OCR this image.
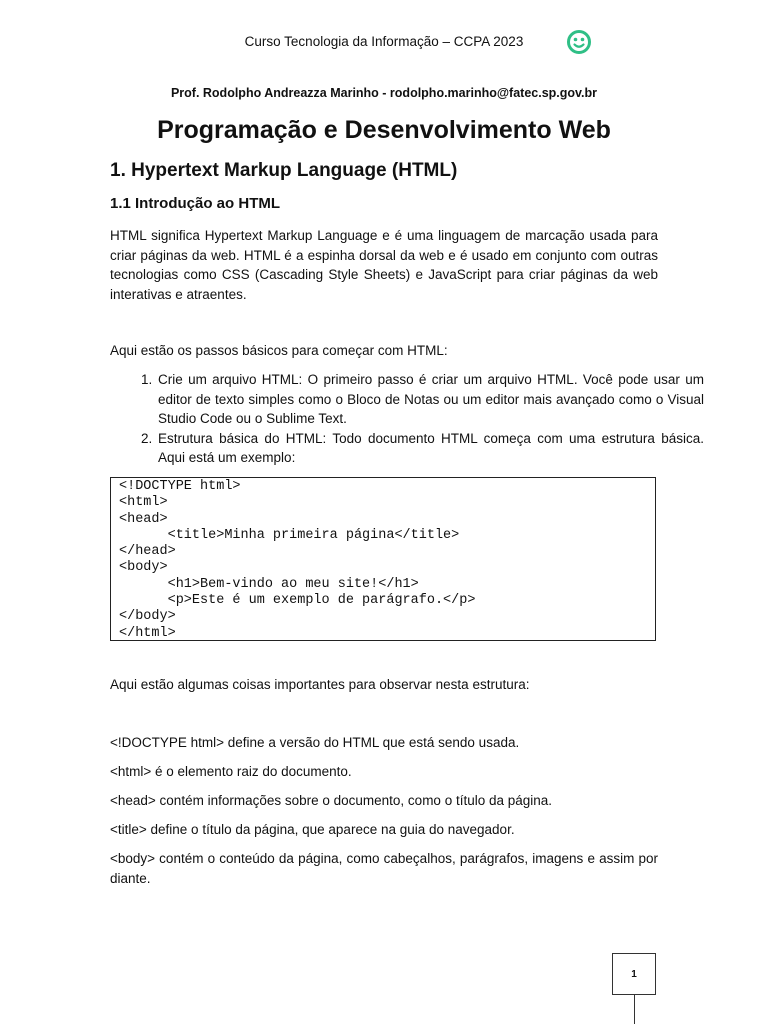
Curso Tecnologia da Informação – CCPA 2023
Prof. Rodolpho Andreazza Marinho - rodolpho.marinho@fatec.sp.gov.br
Programação e Desenvolvimento Web
1. Hypertext Markup Language (HTML)
1.1 Introdução ao HTML
HTML significa Hypertext Markup Language e é uma linguagem de marcação usada para criar páginas da web. HTML é a espinha dorsal da web e é usado em conjunto com outras tecnologias como CSS (Cascading Style Sheets) e JavaScript para criar páginas da web interativas e atraentes.
Aqui estão os passos básicos para começar com HTML:
1. Crie um arquivo HTML: O primeiro passo é criar um arquivo HTML. Você pode usar um editor de texto simples como o Bloco de Notas ou um editor mais avançado como o Visual Studio Code ou o Sublime Text.
2. Estrutura básica do HTML: Todo documento HTML começa com uma estrutura básica. Aqui está um exemplo:
<!DOCTYPE html>
<html>
<head>
<title>Minha primeira página</title>
</head>
<body>
<h1>Bem-vindo ao meu site!</h1>
<p>Este é um exemplo de parágrafo.</p>
</body>
</html>
Aqui estão algumas coisas importantes para observar nesta estrutura:
<!DOCTYPE html> define a versão do HTML que está sendo usada.
<html> é o elemento raiz do documento.
<head> contém informações sobre o documento, como o título da página.
<title> define o título da página, que aparece na guia do navegador.
<body> contém o conteúdo da página, como cabeçalhos, parágrafos, imagens e assim por diante.
1
